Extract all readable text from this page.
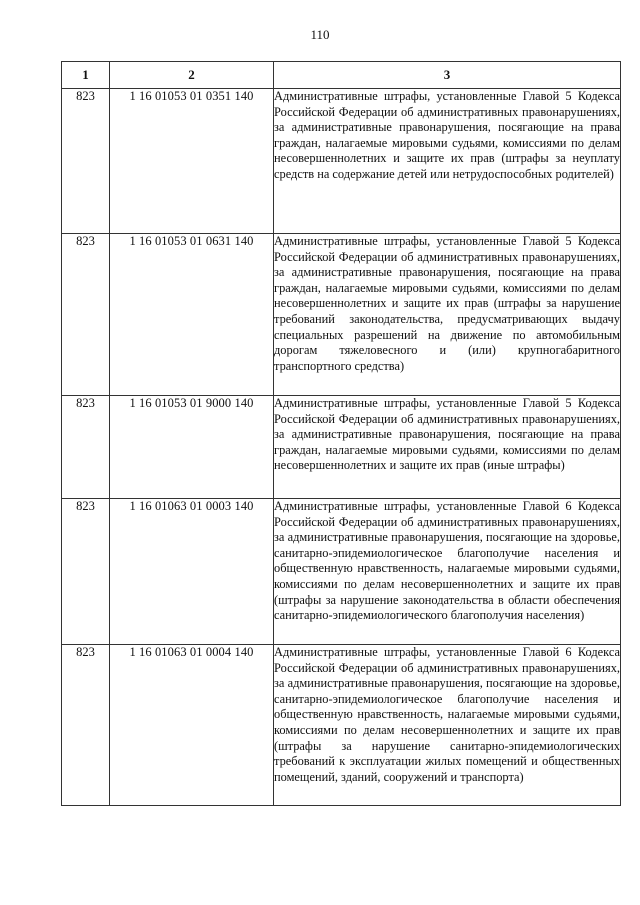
110
1	2	3
823	1 16 01053 01 0351 140	Административные штрафы, установленные Главой 5 Кодекса Российской Федерации об административных правонарушениях, за административные правонарушения, посягающие на права граждан, налагаемые мировыми судьями, комиссиями по делам несовершеннолетних и защите их прав (штрафы за неуплату средств на содержание детей или нетрудоспособных родителей)
823	1 16 01053 01 0631 140	Административные штрафы, установленные Главой 5 Кодекса Российской Федерации об административных правонарушениях, за административные правонарушения, посягающие на права граждан, налагаемые мировыми судьями, комиссиями по делам несовершеннолетних и защите их прав (штрафы за нарушение требований законодательства, предусматривающих выдачу специальных разрешений на движение по автомобильным дорогам тяжеловесного и (или) крупногабаритного транспортного средства)
823	1 16 01053 01 9000 140	Административные штрафы, установленные Главой 5 Кодекса Российской Федерации об административных правонарушениях, за административные правонарушения, посягающие на права граждан, налагаемые мировыми судьями, комиссиями по делам несовершеннолетних и защите их прав (иные штрафы)
823	1 16 01063 01 0003 140	Административные штрафы, установленные Главой 6 Кодекса Российской Федерации об административных правонарушениях, за административные правонарушения, посягающие на здоровье, санитарно-эпидемиологическое благополучие населения и общественную нравственность, налагаемые мировыми судьями, комиссиями по делам несовершеннолетних и защите их прав (штрафы за нарушение законодательства в области обеспечения санитарно-эпидемиологического благополучия населения)
823	1 16 01063 01 0004 140	Административные штрафы, установленные Главой 6 Кодекса Российской Федерации об административных правонарушениях, за административные правонарушения, посягающие на здоровье, санитарно-эпидемиологическое благополучие населения и общественную нравственность, налагаемые мировыми судьями, комиссиями по делам несовершеннолетних и защите их прав (штрафы за нарушение санитарно-эпидемиологических требований к эксплуатации жилых помещений и общественных помещений, зданий, сооружений и транспорта)
